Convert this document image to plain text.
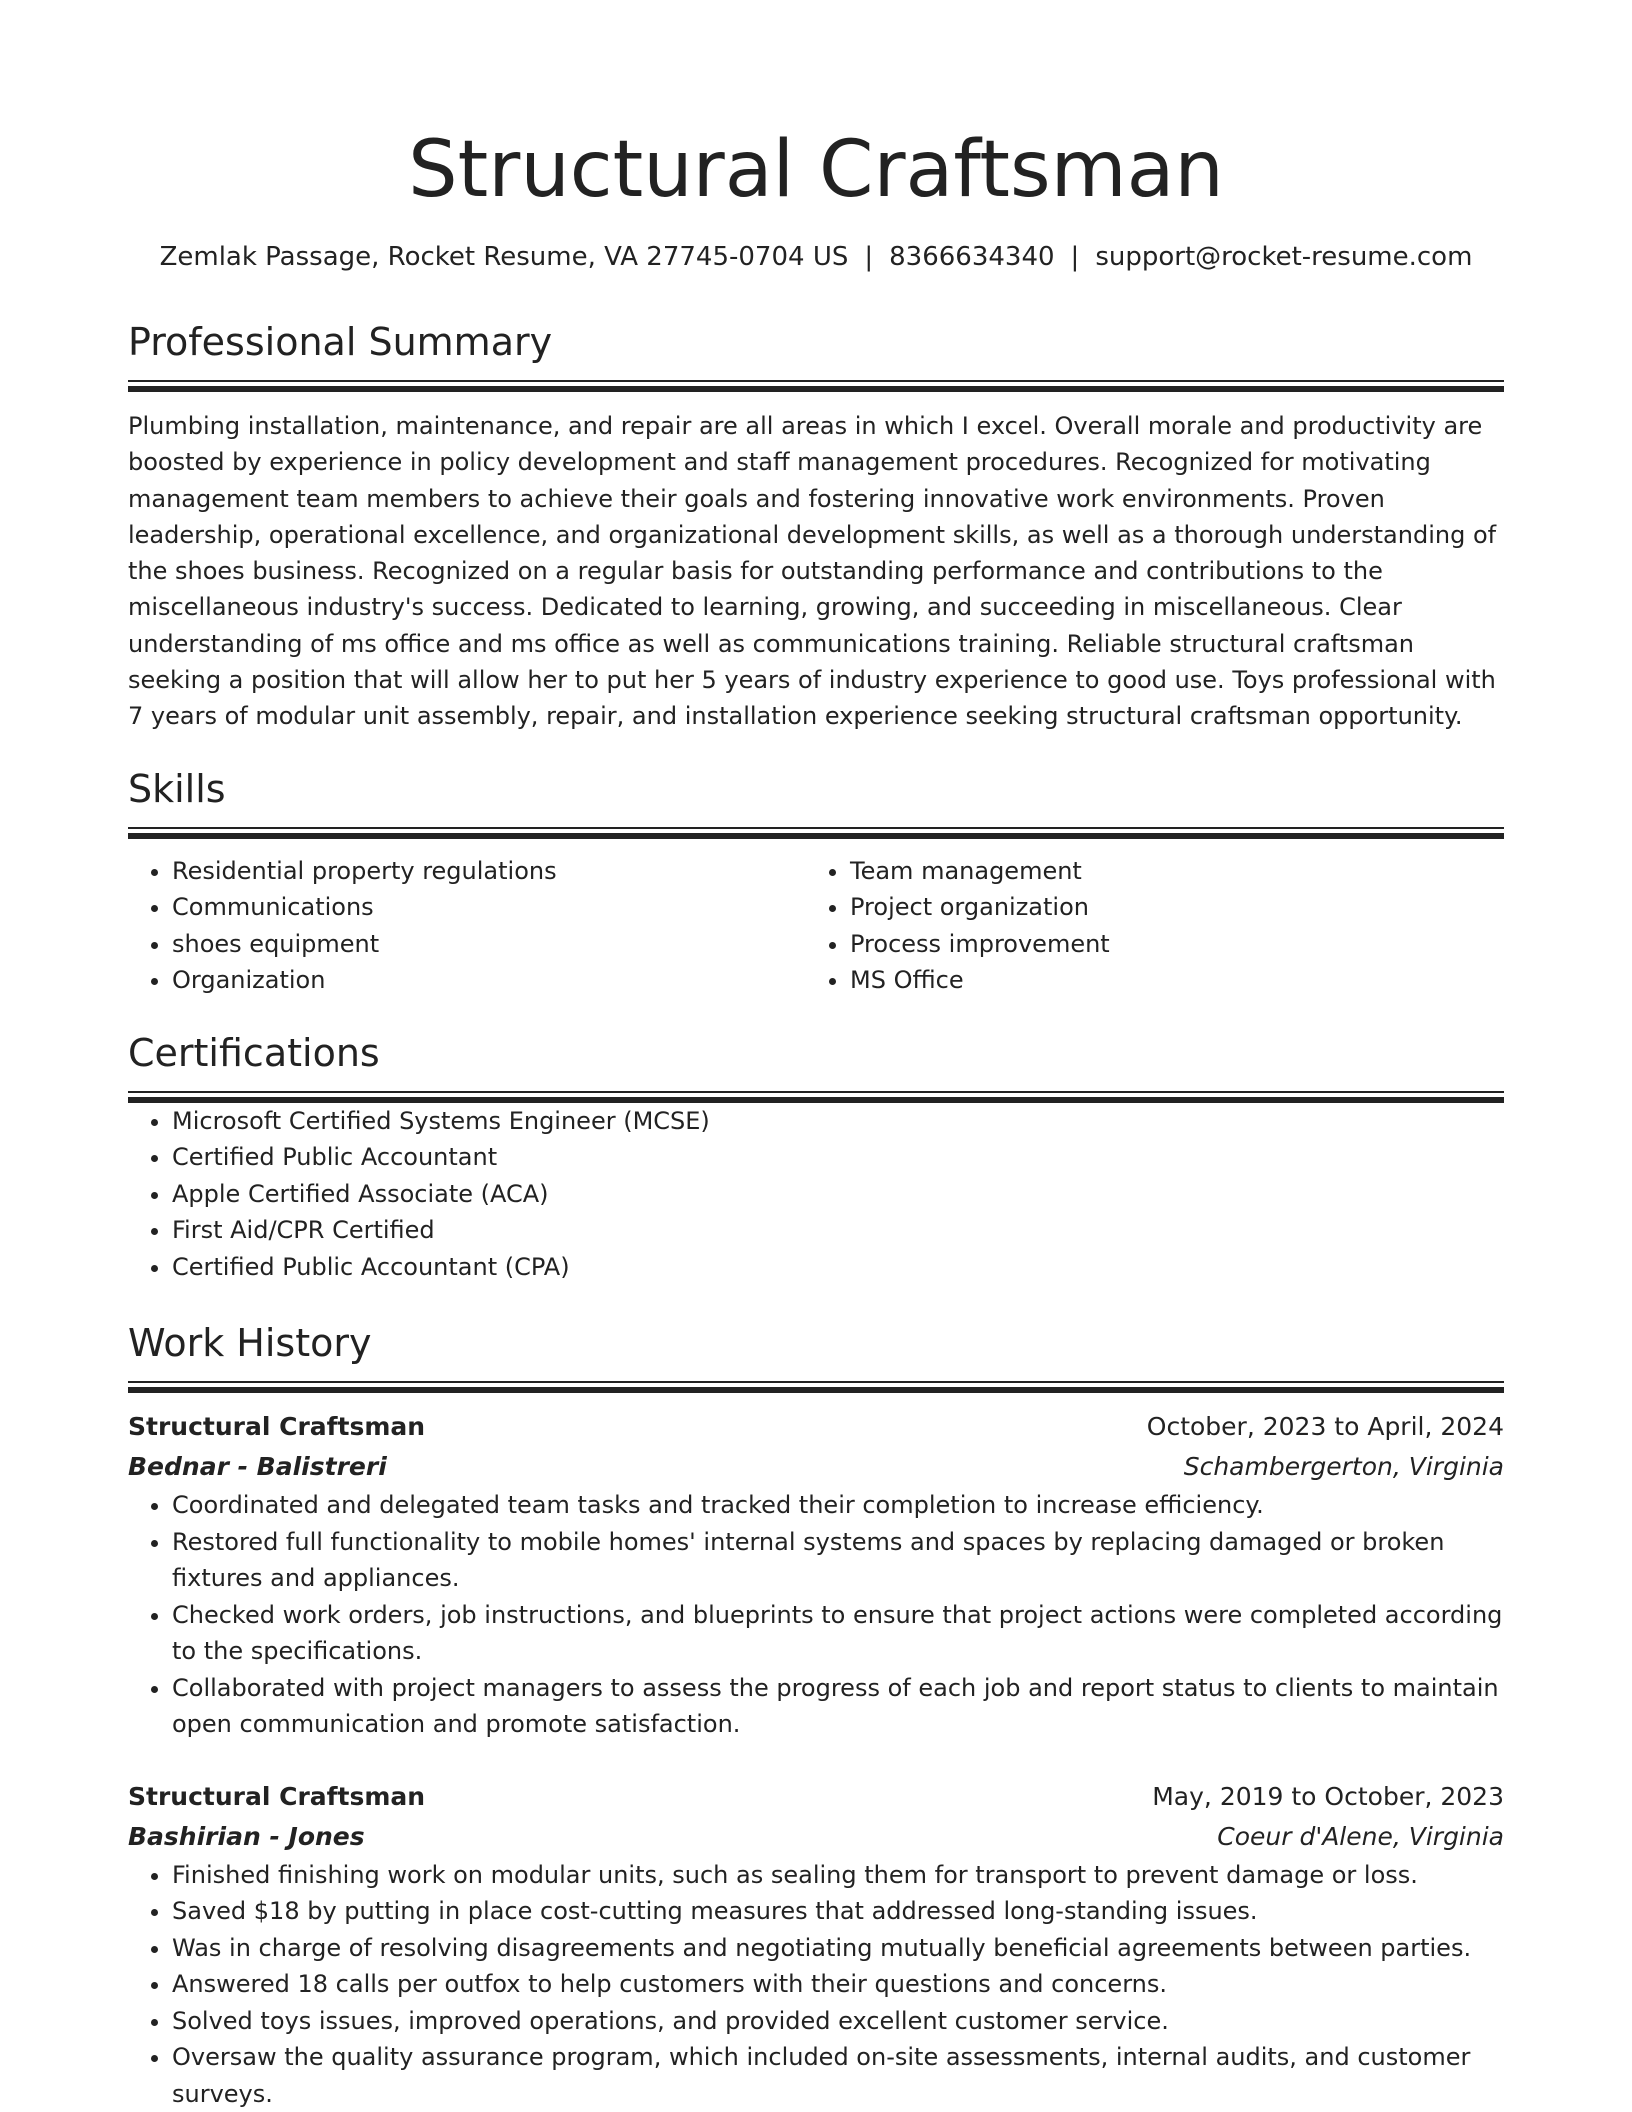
Structural Craftsman
Zemlak Passage, Rocket Resume, VA 27745-0704 US | 8366634340 | support@rocket-resume.com
Professional Summary
Plumbing installation, maintenance, and repair are all areas in which I excel. Overall morale and productivity are boosted by experience in policy development and staff management procedures. Recognized for motivating management team members to achieve their goals and fostering innovative work environments. Proven leadership, operational excellence, and organizational development skills, as well as a thorough understanding of the shoes business. Recognized on a regular basis for outstanding performance and contributions to the miscellaneous industry's success. Dedicated to learning, growing, and succeeding in miscellaneous. Clear understanding of ms office and ms office as well as communications training. Reliable structural craftsman seeking a position that will allow her to put her 5 years of industry experience to good use. Toys professional with 7 years of modular unit assembly, repair, and installation experience seeking structural craftsman opportunity.
Skills
• Residential property regulations
• Communications
• shoes equipment
• Organization
• Team management
• Project organization
• Process improvement
• MS Office
Certifications
• Microsoft Certified Systems Engineer (MCSE)
• Certified Public Accountant
• Apple Certified Associate (ACA)
• First Aid/CPR Certified
• Certified Public Accountant (CPA)
Work History
Structural Craftsman	October, 2023 to April, 2024
Bednar - Balistreri	Schambergerton, Virginia
• Coordinated and delegated team tasks and tracked their completion to increase efficiency.
• Restored full functionality to mobile homes' internal systems and spaces by replacing damaged or broken fixtures and appliances.
• Checked work orders, job instructions, and blueprints to ensure that project actions were completed according to the specifications.
• Collaborated with project managers to assess the progress of each job and report status to clients to maintain open communication and promote satisfaction.
Structural Craftsman	May, 2019 to October, 2023
Bashirian - Jones	Coeur d'Alene, Virginia
• Finished finishing work on modular units, such as sealing them for transport to prevent damage or loss.
• Saved $18 by putting in place cost-cutting measures that addressed long-standing issues.
• Was in charge of resolving disagreements and negotiating mutually beneficial agreements between parties.
• Answered 18 calls per outfox to help customers with their questions and concerns.
• Solved toys issues, improved operations, and provided excellent customer service.
• Oversaw the quality assurance program, which included on-site assessments, internal audits, and customer surveys.
